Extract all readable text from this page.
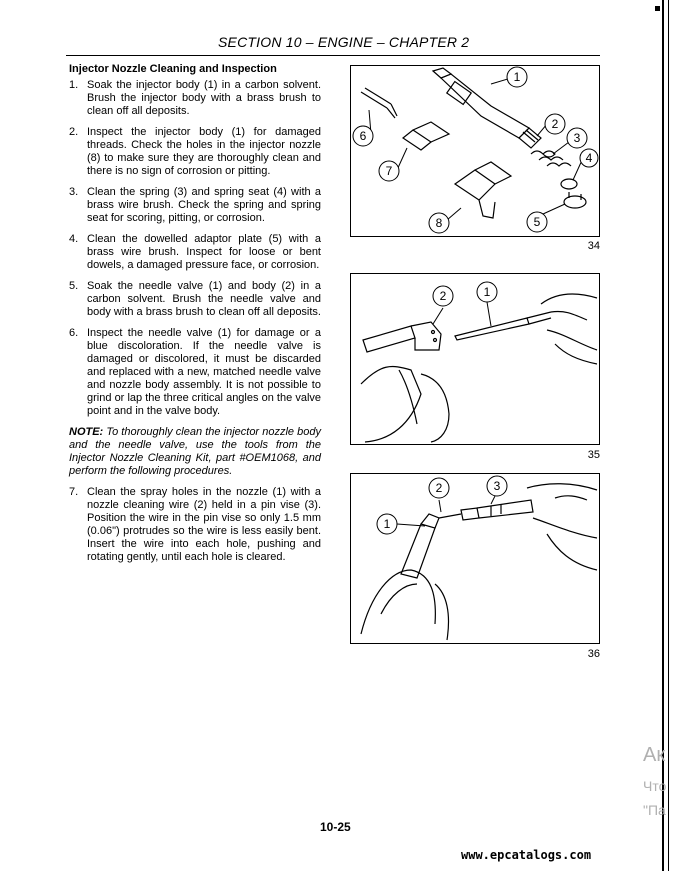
SECTION 10 – ENGINE – CHAPTER 2
Injector Nozzle Cleaning and Inspection
1. Soak the injector body (1) in a carbon solvent. Brush the injector body with a brass brush to clean off all deposits.
2. Inspect the injector body (1) for damaged threads. Check the holes in the injector nozzle (8) to make sure they are thoroughly clean and there is no sign of corrosion or pitting.
3. Clean the spring (3) and spring seat (4) with a brass wire brush. Check the spring and spring seat for scoring, pitting, or corrosion.
4. Clean the dowelled adaptor plate (5) with a brass wire brush. Inspect for loose or bent dowels, a damaged pressure face, or corrosion.
5. Soak the needle valve (1) and body (2) in a carbon solvent. Brush the needle valve and body with a brass brush to clean off all deposits.
6. Inspect the needle valve (1) for damage or a blue discoloration. If the needle valve is damaged or discolored, it must be discarded and replaced with a new, matched needle valve and nozzle body assembly. It is not possible to grind or lap the three critical angles on the valve point and in the valve body.
NOTE: To thoroughly clean the injector nozzle body and the needle valve, use the tools from the Injector Nozzle Cleaning Kit, part #OEM1068, and perform the following procedures.
7. Clean the spray holes in the nozzle (1) with a nozzle cleaning wire (2) held in a pin vise (3). Position the wire in the pin vise so only 1.5 mm (0.06") protrudes so the wire is less easily bent. Insert the wire into each hole, pushing and rotating gently, until each hole is cleared.
1
2
3
4
5
6
7
8
34
2	1
35
2	3
1
36
Ак
Что
"Па
10-25
www.epcatalogs.com
